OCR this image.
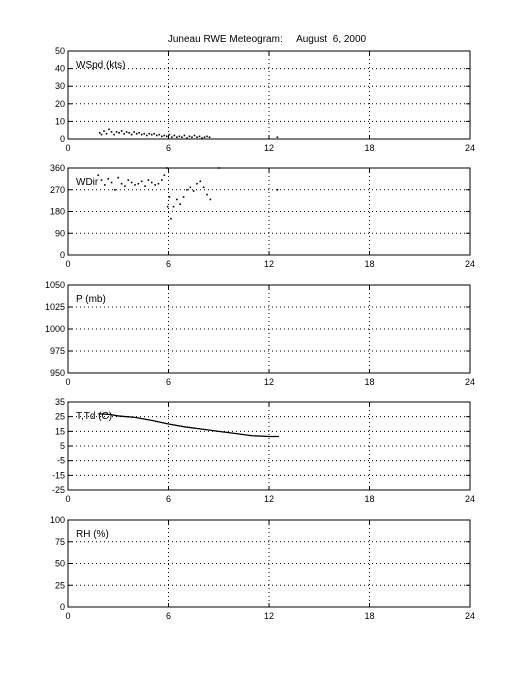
Juneau RWE Meteogram:     August  6, 2000
0	6	12	18	24
0
10
20
30
40
50
WSpd (kts)
0	6	12	18	24
0
90
180
270
360
WDir
0	6	12	18	24
950
975
1000
1025
1050
P (mb)
0	6	12	18	24
-25
-15
-5
5
15
25
35
T,Td (C)
0	6	12	18	24
0
25
50
75
100
RH (%)
